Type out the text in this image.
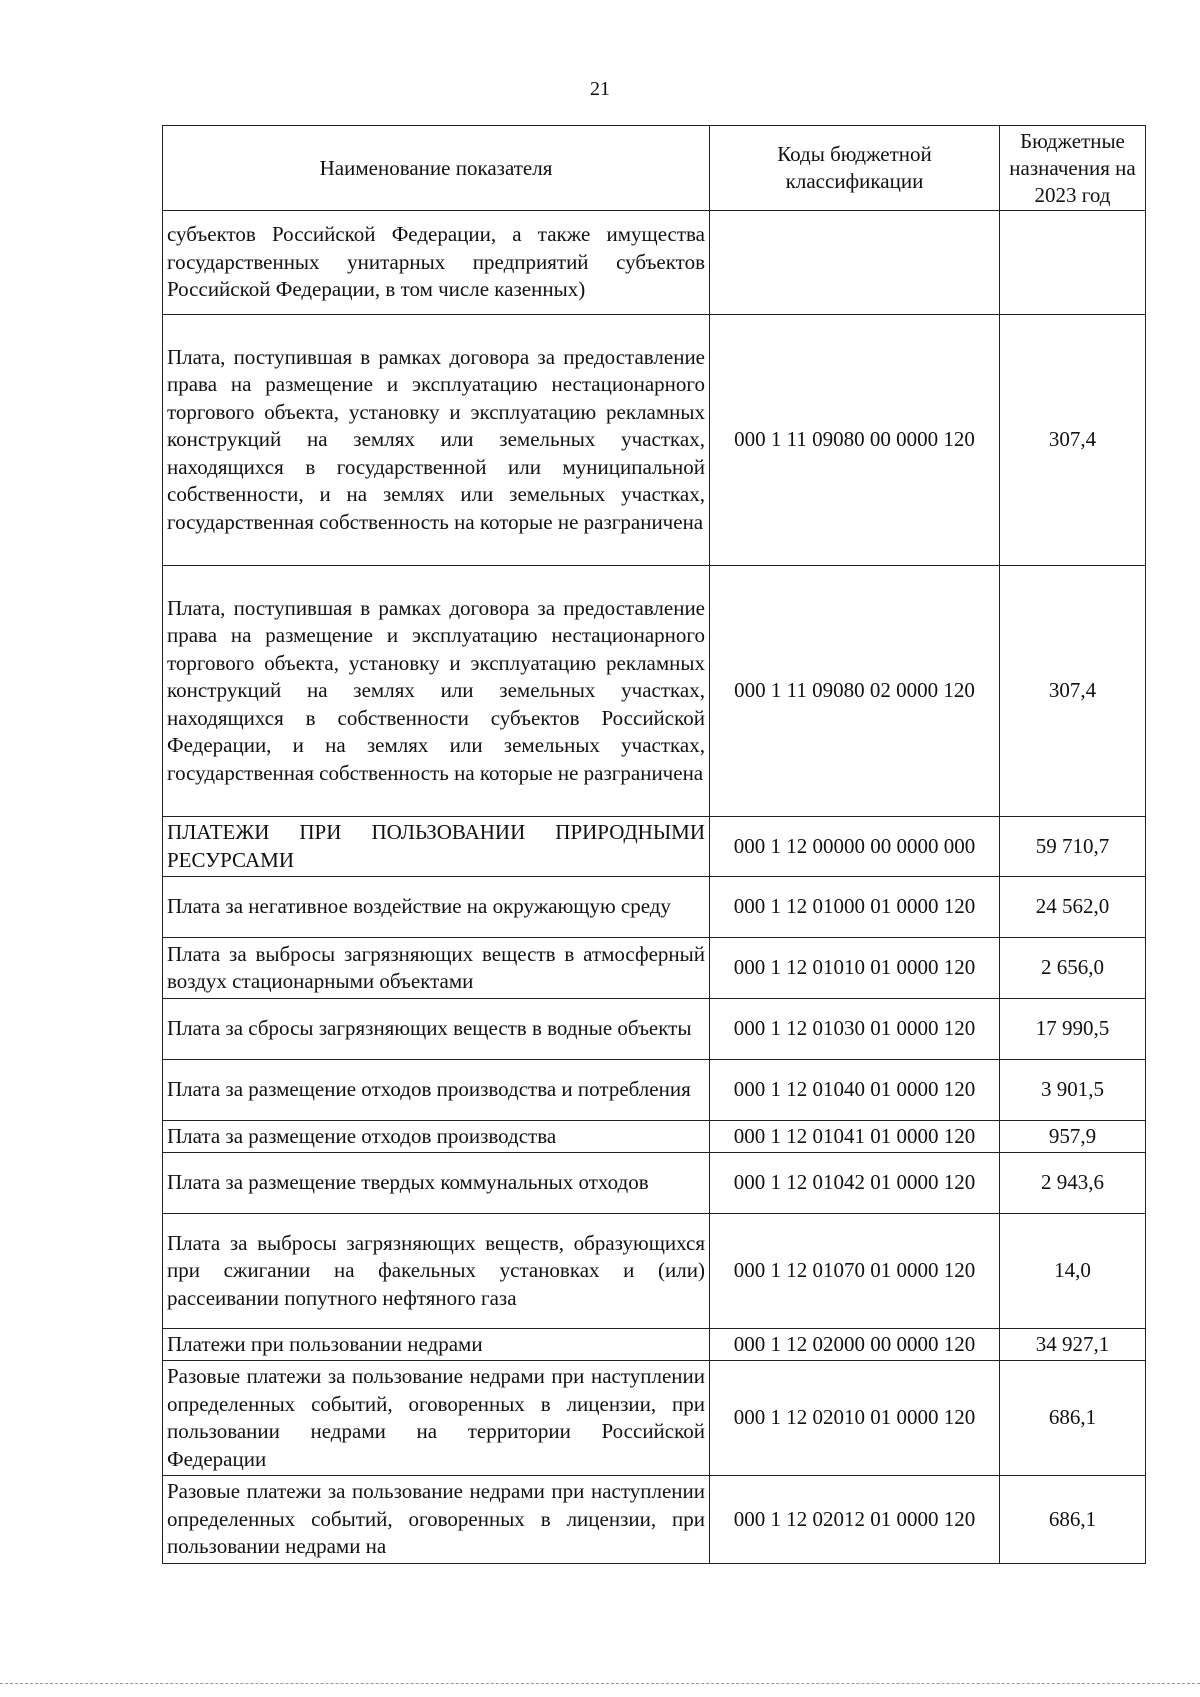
21
Наименование показателя	Коды бюджетной классификации	Бюджетные назначения на 2023 год
субъектов Российской Федерации, а также имущества государственных унитарных предприятий субъектов Российской Федерации, в том числе казенных)		
Плата, поступившая в рамках договора за предоставление права на размещение и эксплуатацию нестационарного торгового объекта, установку и эксплуатацию рекламных конструкций на землях или земельных участках, находящихся в государственной или муниципальной собственности, и на землях или земельных участках, государственная собственность на которые не разграничена	000 1 11 09080 00 0000 120	307,4
Плата, поступившая в рамках договора за предоставление права на размещение и эксплуатацию нестационарного торгового объекта, установку и эксплуатацию рекламных конструкций на землях или земельных участках, находящихся в собственности субъектов Российской Федерации, и на землях или земельных участках, государственная собственность на которые не разграничена	000 1 11 09080 02 0000 120	307,4
ПЛАТЕЖИ ПРИ ПОЛЬЗОВАНИИ ПРИРОДНЫМИ РЕСУРСАМИ	000 1 12 00000 00 0000 000	59 710,7
Плата за негативное воздействие на окружающую среду	000 1 12 01000 01 0000 120	24 562,0
Плата за выбросы загрязняющих веществ в атмосферный воздух стационарными объектами	000 1 12 01010 01 0000 120	2 656,0
Плата за сбросы загрязняющих веществ в водные объекты	000 1 12 01030 01 0000 120	17 990,5
Плата за размещение отходов производства и потребления	000 1 12 01040 01 0000 120	3 901,5
Плата за размещение отходов производства	000 1 12 01041 01 0000 120	957,9
Плата за размещение твердых коммунальных отходов	000 1 12 01042 01 0000 120	2 943,6
Плата за выбросы загрязняющих веществ, образующихся при сжигании на факельных установках и (или) рассеивании попутного нефтяного газа	000 1 12 01070 01 0000 120	14,0
Платежи при пользовании недрами	000 1 12 02000 00 0000 120	34 927,1
Разовые платежи за пользование недрами при наступлении определенных событий, оговоренных в лицензии, при пользовании недрами на территории Российской Федерации	000 1 12 02010 01 0000 120	686,1
Разовые платежи за пользование недрами при наступлении определенных событий, оговоренных в лицензии, при пользовании недрами на	000 1 12 02012 01 0000 120	686,1
